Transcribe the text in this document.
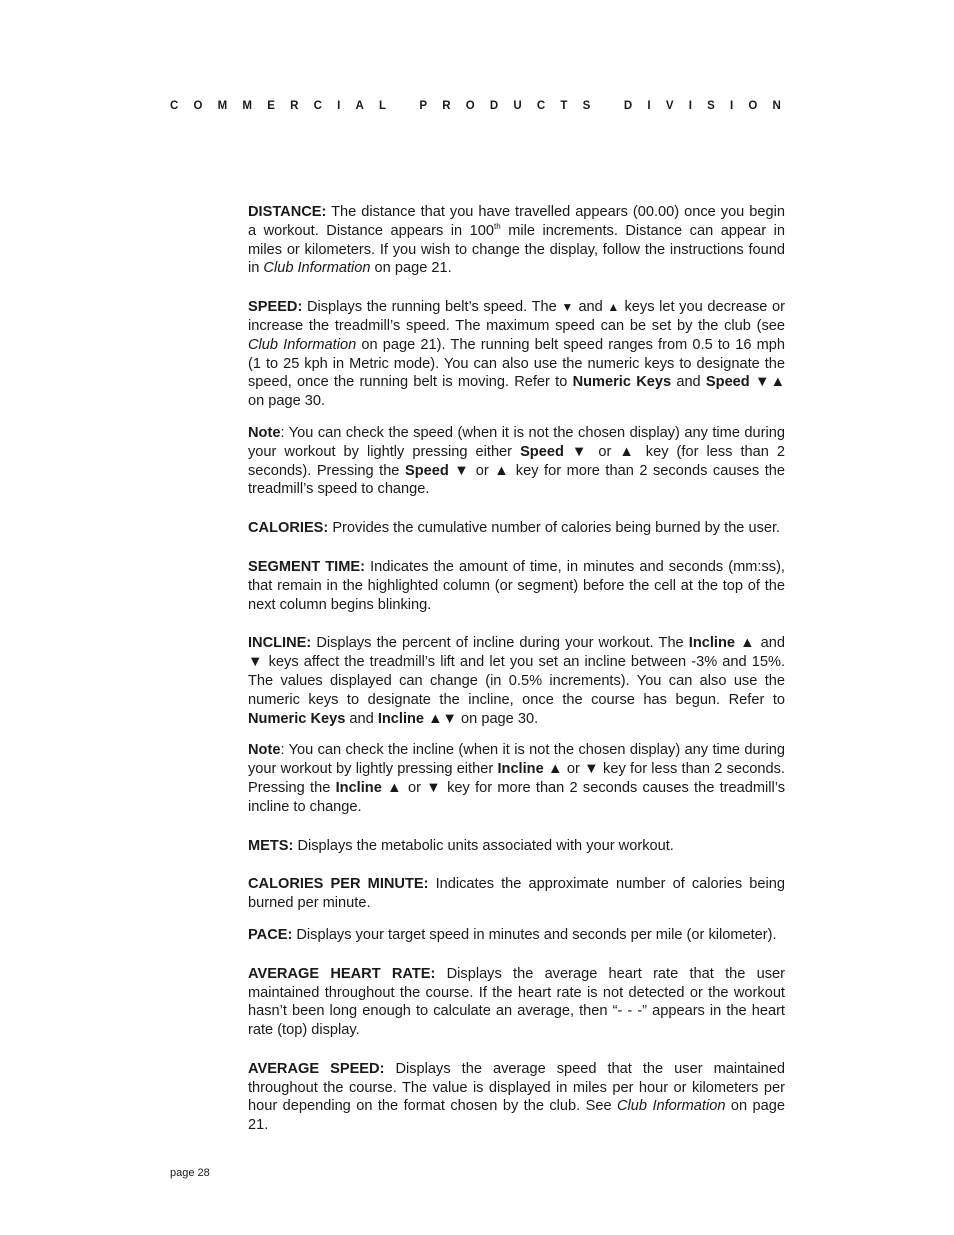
COMMERCIAL PRODUCTS DIVISION

DISTANCE: The distance that you have travelled appears (00.00) once you begin a workout. Distance appears in 100th mile increments. Distance can appear in miles or kilometers. If you wish to change the display, follow the instructions found in Club Information on page 21.

SPEED: Displays the running belt’s speed. The ▼ and ▲ keys let you decrease or increase the treadmill’s speed. The maximum speed can be set by the club (see Club Information on page 21). The running belt speed ranges from 0.5 to 16 mph (1 to 25 kph in Metric mode). You can also use the numeric keys to designate the speed, once the running belt is moving. Refer to Numeric Keys and Speed ▼▲ on page 30.

Note: You can check the speed (when it is not the chosen display) any time during your workout by lightly pressing either Speed ▼ or ▲ key (for less than 2 seconds). Pressing the Speed ▼ or ▲ key for more than 2 seconds causes the treadmill’s speed to change.

CALORIES: Provides the cumulative number of calories being burned by the user.

SEGMENT TIME: Indicates the amount of time, in minutes and seconds (mm:ss), that remain in the highlighted column (or segment) before the cell at the top of the next column begins blinking.

INCLINE: Displays the percent of incline during your workout. The Incline ▲ and ▼ keys affect the treadmill’s lift and let you set an incline between -3% and 15%. The values displayed can change (in 0.5% increments). You can also use the numeric keys to designate the incline, once the course has begun. Refer to Numeric Keys and Incline ▲▼ on page 30.

Note: You can check the incline (when it is not the chosen display) any time during your workout by lightly pressing either Incline ▲ or ▼ key for less than 2 seconds. Pressing the Incline ▲ or ▼ key for more than 2 seconds causes the treadmill’s incline to change.

METS: Displays the metabolic units associated with your workout.

CALORIES PER MINUTE: Indicates the approximate number of calories being burned per minute.

PACE: Displays your target speed in minutes and seconds per mile (or kilometer).

AVERAGE HEART RATE: Displays the average heart rate that the user maintained throughout the course. If the heart rate is not detected or the workout hasn’t been long enough to calculate an average, then “- - -” appears in the heart rate (top) display.

AVERAGE SPEED: Displays the average speed that the user maintained throughout the course. The value is displayed in miles per hour or kilometers per hour depending on the format chosen by the club. See Club Information on page 21.

page 28
